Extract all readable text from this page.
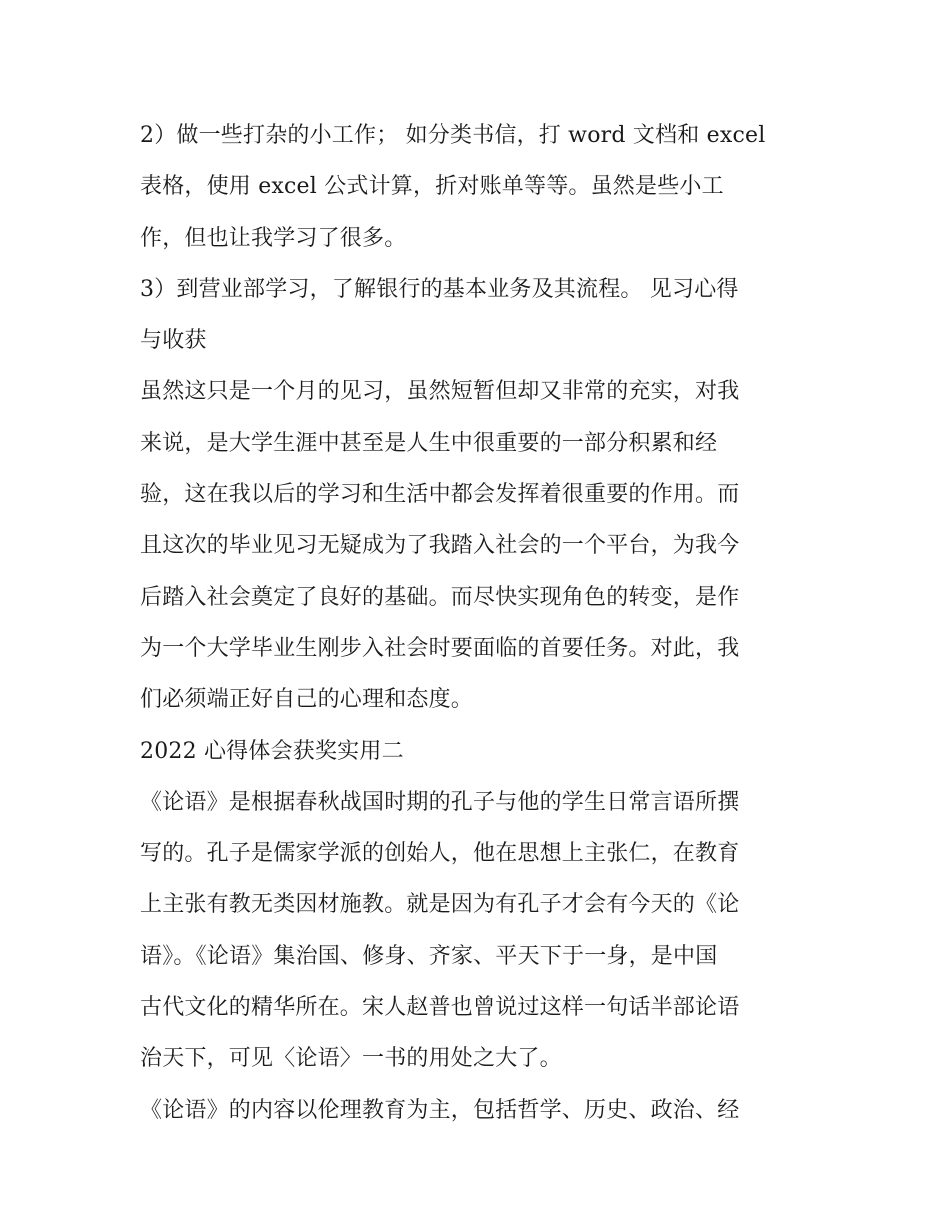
2）做一些打杂的小工作； 如分类书信，打 word 文档和 excel
表格，使用 excel 公式计算，折对账单等等。虽然是些小工
作，但也让我学习了很多。
3）到营业部学习，了解银行的基本业务及其流程。 见习心得
与收获
虽然这只是一个月的见习，虽然短暂但却又非常的充实，对我
来说，是大学生涯中甚至是人生中很重要的一部分积累和经
验，这在我以后的学习和生活中都会发挥着很重要的作用。而
且这次的毕业见习无疑成为了我踏入社会的一个平台，为我今
后踏入社会奠定了良好的基础。而尽快实现角色的转变，是作
为一个大学毕业生刚步入社会时要面临的首要任务。对此，我
们必须端正好自己的心理和态度。
2022 心得体会获奖实用二
《论语》是根据春秋战国时期的孔子与他的学生日常言语所撰
写的。孔子是儒家学派的创始人，他在思想上主张仁，在教育
上主张有教无类因材施教。就是因为有孔子才会有今天的《论
语》。《论语》集治国、修身、齐家、平天下于一身，是中国
古代文化的精华所在。宋人赵普也曾说过这样一句话半部论语
治天下，可见〈论语〉一书的用处之大了。
《论语》的内容以伦理教育为主，包括哲学、历史、政治、经
